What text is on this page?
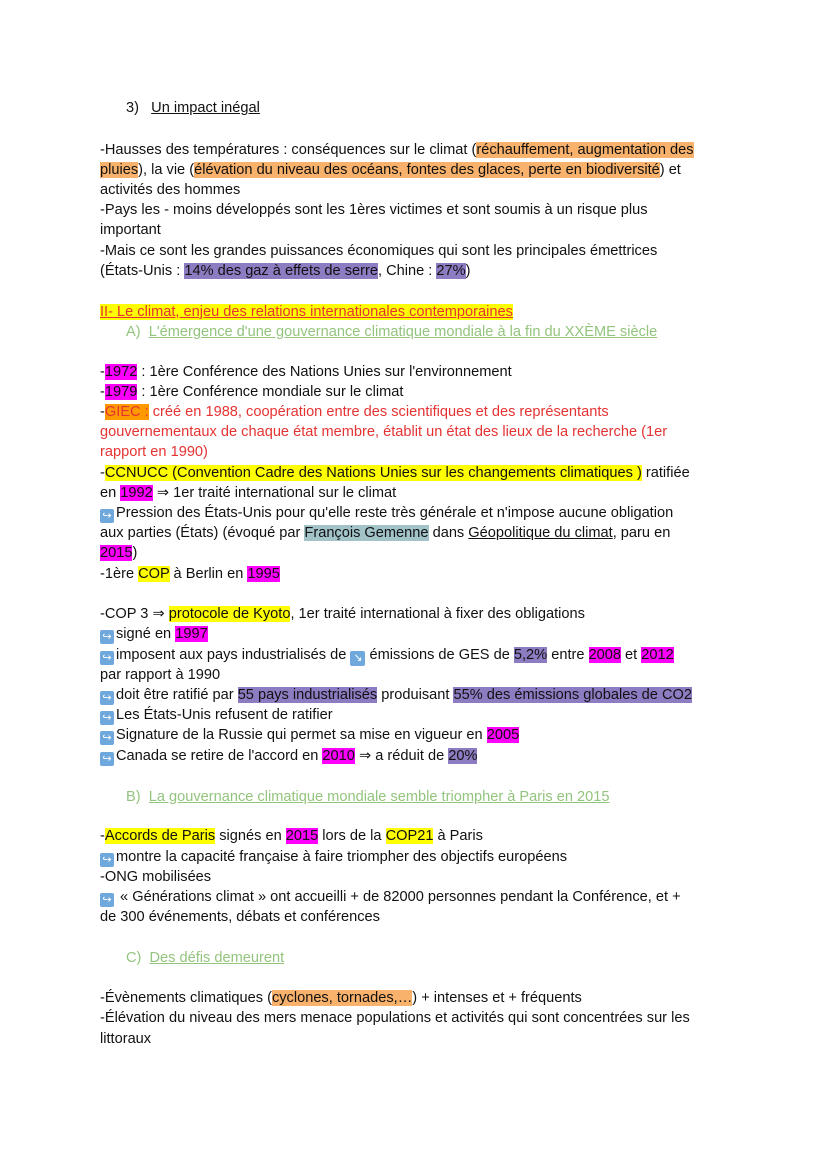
3) Un impact inégal
-Hausses des températures : conséquences sur le climat (réchauffement, augmentation des
pluies), la vie (élévation du niveau des océans, fontes des glaces, perte en biodiversité) et
activités des hommes
-Pays les - moins développés sont les 1ères victimes et sont soumis à un risque plus
important
-Mais ce sont les grandes puissances économiques qui sont les principales émettrices
(États-Unis : 14% des gaz à effets de serre, Chine : 27%)
II- Le climat, enjeu des relations internationales contemporaines
A) L'émergence d'une gouvernance climatique mondiale à la fin du XXÈME siècle
-1972 : 1ère Conférence des Nations Unies sur l'environnement
-1979 : 1ère Conférence mondiale sur le climat
-GIEC : créé en 1988, coopération entre des scientifiques et des représentants
gouvernementaux de chaque état membre, établit un état des lieux de la recherche (1er
rapport en 1990)
-CCNUCC (Convention Cadre des Nations Unies sur les changements climatiques ) ratifiée
en 1992 ⇒ 1er traité international sur le climat
↪ Pression des États-Unis pour qu'elle reste très générale et n'impose aucune obligation
aux parties (États) (évoqué par François Gemenne dans Géopolitique du climat, paru en
2015)
-1ère COP à Berlin en 1995
-COP 3 ⇒ protocole de Kyoto, 1er traité international à fixer des obligations
↪ signé en 1997
↪ imposent aux pays industrialisés de ↘ émissions de GES de 5,2% entre 2008 et 2012
par rapport à 1990
↪ doit être ratifié par 55 pays industrialisés produisant 55% des émissions globales de CO2
↪ Les États-Unis refusent de ratifier
↪ Signature de la Russie qui permet sa mise en vigueur en 2005
↪ Canada se retire de l'accord en 2010 ⇒ a réduit de 20%
B) La gouvernance climatique mondiale semble triompher à Paris en 2015
-Accords de Paris signés en 2015 lors de la COP21 à Paris
↪ montre la capacité française à faire triompher des objectifs européens
-ONG mobilisées
↪ « Générations climat » ont accueilli + de 82000 personnes pendant la Conférence, et +
de 300 événements, débats et conférences
C) Des défis demeurent
-Évènements climatiques (cyclones, tornades,…) + intenses et + fréquents
-Élévation du niveau des mers menace populations et activités qui sont concentrées sur les
littoraux
